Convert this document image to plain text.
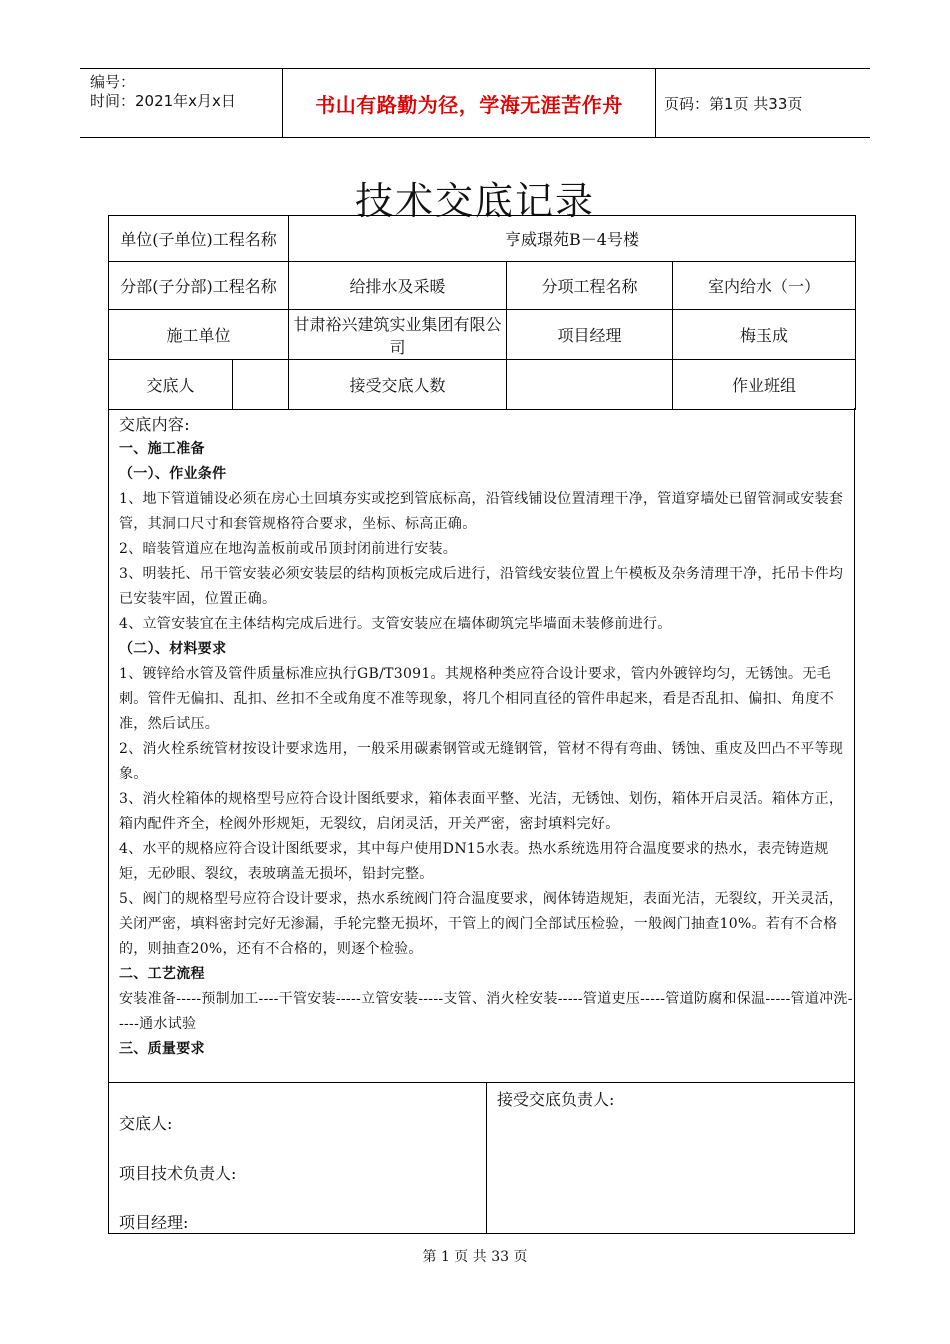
编号：
时间：2021年x月x日	书山有路勤为径，学海无涯苦作舟	页码：第1页 共33页
技术交底记录
单位(子单位)工程名称		亨威璟苑B－4号楼		
分部(子分部)工程名称		给排水及采暖	分项工程名称	室内给水（一）
施工单位		甘肃裕兴建筑实业集团有限公司	项目经理	梅玉成
交底人		接受交底人数		作业班组
交底内容:
一、施工准备
（一）、作业条件
1、地下管道铺设必须在房心土回填夯实或挖到管底标高，沿管线铺设位置清理干净，管道穿墙处已留管洞或安装套管，其洞口尺寸和套管规格符合要求，坐标、标高正确。
2、暗装管道应在地沟盖板前或吊顶封闭前进行安装。
3、明装托、吊干管安装必须安装层的结构顶板完成后进行，沿管线安装位置上午模板及杂务清理干净，托吊卡件均已安装牢固，位置正确。
4、立管安装宜在主体结构完成后进行。支管安装应在墙体砌筑完毕墙面未装修前进行。
（二）、材料要求
1、镀锌给水管及管件质量标准应执行GB/T3091。其规格种类应符合设计要求，管内外镀锌均匀，无锈蚀。无毛刺。管件无偏扣、乱扣、丝扣不全或角度不准等现象，将几个相同直径的管件串起来，看是否乱扣、偏扣、角度不准，然后试压。
2、消火栓系统管材按设计要求选用，一般采用碳素钢管或无缝钢管，管材不得有弯曲、锈蚀、重皮及凹凸不平等现象。
3、消火栓箱体的规格型号应符合设计图纸要求，箱体表面平整、光洁，无锈蚀、划伤，箱体开启灵活。箱体方正，箱内配件齐全，栓阀外形规矩，无裂纹，启闭灵活，开关严密，密封填料完好。
4、水平的规格应符合设计图纸要求，其中每户使用DN15水表。热水系统选用符合温度要求的热水，表壳铸造规矩，无砂眼、裂纹，表玻璃盖无损坏，铅封完整。
5、阀门的规格型号应符合设计要求，热水系统阀门符合温度要求，阀体铸造规矩，表面光洁，无裂纹，开关灵活，关闭严密，填料密封完好无渗漏，手轮完整无损坏，干管上的阀门全部试压检验，一般阀门抽查10%。若有不合格的，则抽查20%，还有不合格的，则逐个检验。
二、工艺流程
安装准备-----预制加工----干管安装-----立管安装-----支管、消火栓安装-----管道吏压-----管道防腐和保温-----管道冲洗-----通水试验
三、质量要求
交底人:
项目技术负责人:
项目经理:
接受交底负责人:
第 1 页 共 33 页
